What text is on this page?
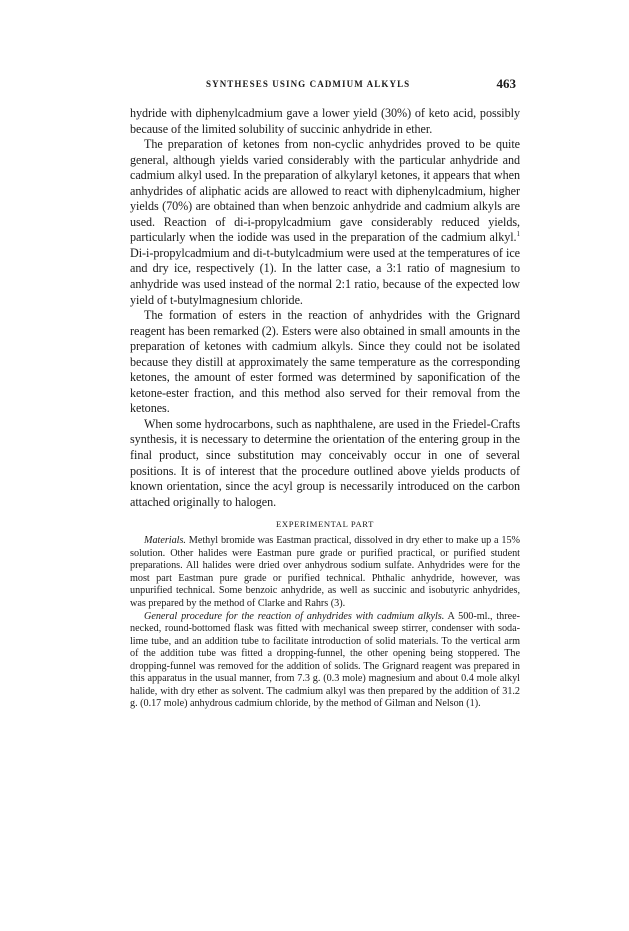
SYNTHESES USING CADMIUM ALKYLS	463

hydride with diphenylcadmium gave a lower yield (30%) of keto acid, possibly because of the limited solubility of succinic anhydride in ether.

The preparation of ketones from non-cyclic anhydrides proved to be quite general, although yields varied considerably with the particular anhydride and cadmium alkyl used. In the preparation of alkylaryl ketones, it appears that when anhydrides of aliphatic acids are allowed to react with diphenylcadmium, higher yields (70%) are obtained than when benzoic anhydride and cadmium alkyls are used. Reaction of di-i-propylcadmium gave considerably reduced yields, particularly when the iodide was used in the preparation of the cadmium alkyl.$^1$ Di-i-propylcadmium and di-t-butylcadmium were used at the temperatures of ice and dry ice, respectively (1). In the latter case, a 3:1 ratio of magnesium to anhydride was used instead of the normal 2:1 ratio, because of the expected low yield of t-butylmagnesium chloride.

The formation of esters in the reaction of anhydrides with the Grignard reagent has been remarked (2). Esters were also obtained in small amounts in the preparation of ketones with cadmium alkyls. Since they could not be isolated because they distill at approximately the same temperature as the corresponding ketones, the amount of ester formed was determined by saponification of the ketone-ester fraction, and this method also served for their removal from the ketones.

When some hydrocarbons, such as naphthalene, are used in the Friedel-Crafts synthesis, it is necessary to determine the orientation of the entering group in the final product, since substitution may conceivably occur in one of several positions. It is of interest that the procedure outlined above yields products of known orientation, since the acyl group is necessarily introduced on the carbon attached originally to halogen.

EXPERIMENTAL PART

Materials. Methyl bromide was Eastman practical, dissolved in dry ether to make up a 15% solution. Other halides were Eastman pure grade or purified practical, or purified student preparations. All halides were dried over anhydrous sodium sulfate. Anhydrides were for the most part Eastman pure grade or purified technical. Phthalic anhydride, however, was unpurified technical. Some benzoic anhydride, as well as succinic and isobutyric anhydrides, was prepared by the method of Clarke and Rahrs (3).

General procedure for the reaction of anhydrides with cadmium alkyls. A 500-ml., three-necked, round-bottomed flask was fitted with mechanical sweep stirrer, condenser with soda-lime tube, and an addition tube to facilitate introduction of solid materials. To the vertical arm of the addition tube was fitted a dropping-funnel, the other opening being stoppered. The dropping-funnel was removed for the addition of solids. The Grignard reagent was prepared in this apparatus in the usual manner, from 7.3 g. (0.3 mole) magnesium and about 0.4 mole alkyl halide, with dry ether as solvent. The cadmium alkyl was then prepared by the addition of 31.2 g. (0.17 mole) anhydrous cadmium chloride, by the method of Gilman and Nelson (1).
